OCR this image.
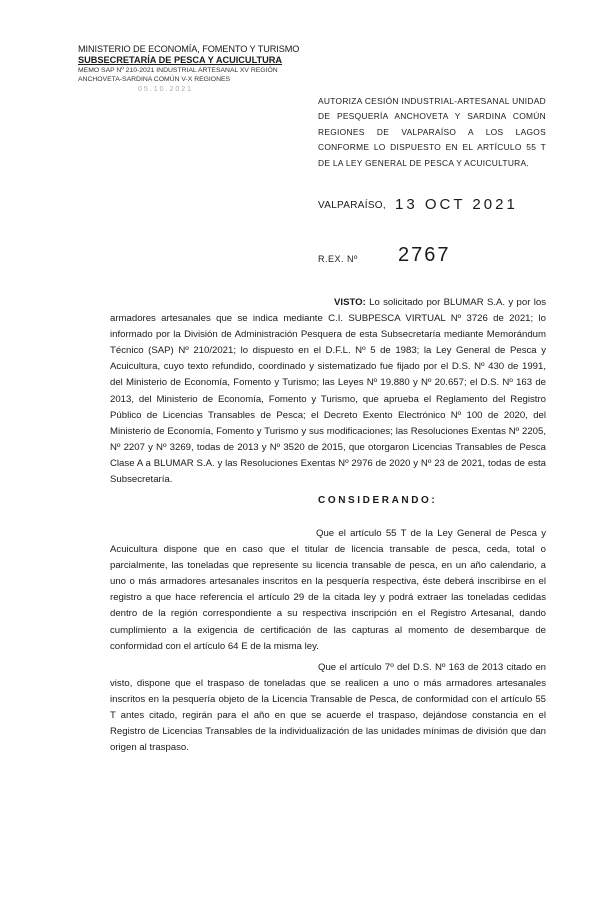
MINISTERIO DE ECONOMÍA, FOMENTO Y TURISMO
SUBSECRETARÍA DE PESCA Y ACUICULTURA
MEMO SAP Nº 210-2021 INDUSTRIAL ARTESANAL XV REGIÓN
ANCHOVETA-SARDINA COMÚN V-X REGIONES
05.10.2021
AUTORIZA CESIÓN INDUSTRIAL-ARTESANAL UNIDAD DE PESQUERÍA ANCHOVETA Y SARDINA COMÚN REGIONES DE VALPARAÍSO A LOS LAGOS CONFORME LO DISPUESTO EN EL ARTÍCULO 55 T DE LA LEY GENERAL DE PESCA Y ACUICULTURA.
VALPARAÍSO, 13 OCT 2021
R.EX. Nº 2767

VISTO: Lo solicitado por BLUMAR S.A. y por los armadores artesanales que se indica mediante C.I. SUBPESCA VIRTUAL Nº 3726 de 2021; lo informado por la División de Administración Pesquera de esta Subsecretaría mediante Memorándum Técnico (SAP) Nº 210/2021; lo dispuesto en el D.F.L. Nº 5 de 1983; la Ley General de Pesca y Acuicultura, cuyo texto refundido, coordinado y sistematizado fue fijado por el D.S. Nº 430 de 1991, del Ministerio de Economía, Fomento y Turismo; las Leyes Nº 19.880 y Nº 20.657; el D.S. Nº 163 de 2013, del Ministerio de Economía, Fomento y Turismo, que aprueba el Reglamento del Registro Público de Licencias Transables de Pesca; el Decreto Exento Electrónico Nº 100 de 2020, del Ministerio de Economía, Fomento y Turismo y sus modificaciones; las Resoluciones Exentas Nº 2205, Nº 2207 y Nº 3269, todas de 2013 y Nº 3520 de 2015, que otorgaron Licencias Transables de Pesca Clase A a BLUMAR S.A. y las Resoluciones Exentas Nº 2976 de 2020 y Nº 23 de 2021, todas de esta Subsecretaría.

CONSIDERANDO:

Que el artículo 55 T de la Ley General de Pesca y Acuicultura dispone que en caso que el titular de licencia transable de pesca, ceda, total o parcialmente, las toneladas que represente su licencia transable de pesca, en un año calendario, a uno o más armadores artesanales inscritos en la pesquería respectiva, éste deberá inscribirse en el registro a que hace referencia el artículo 29 de la citada ley y podrá extraer las toneladas cedidas dentro de la región correspondiente a su respectiva inscripción en el Registro Artesanal, dando cumplimiento a la exigencia de certificación de las capturas al momento de desembarque de conformidad con el artículo 64 E de la misma ley.

Que el artículo 7º del D.S. Nº 163 de 2013 citado en visto, dispone que el traspaso de toneladas que se realicen a uno o más armadores artesanales inscritos en la pesquería objeto de la Licencia Transable de Pesca, de conformidad con el artículo 55 T antes citado, regirán para el año en que se acuerde el traspaso, dejándose constancia en el Registro de Licencias Transables de la individualización de las unidades mínimas de división que dan origen al traspaso.
